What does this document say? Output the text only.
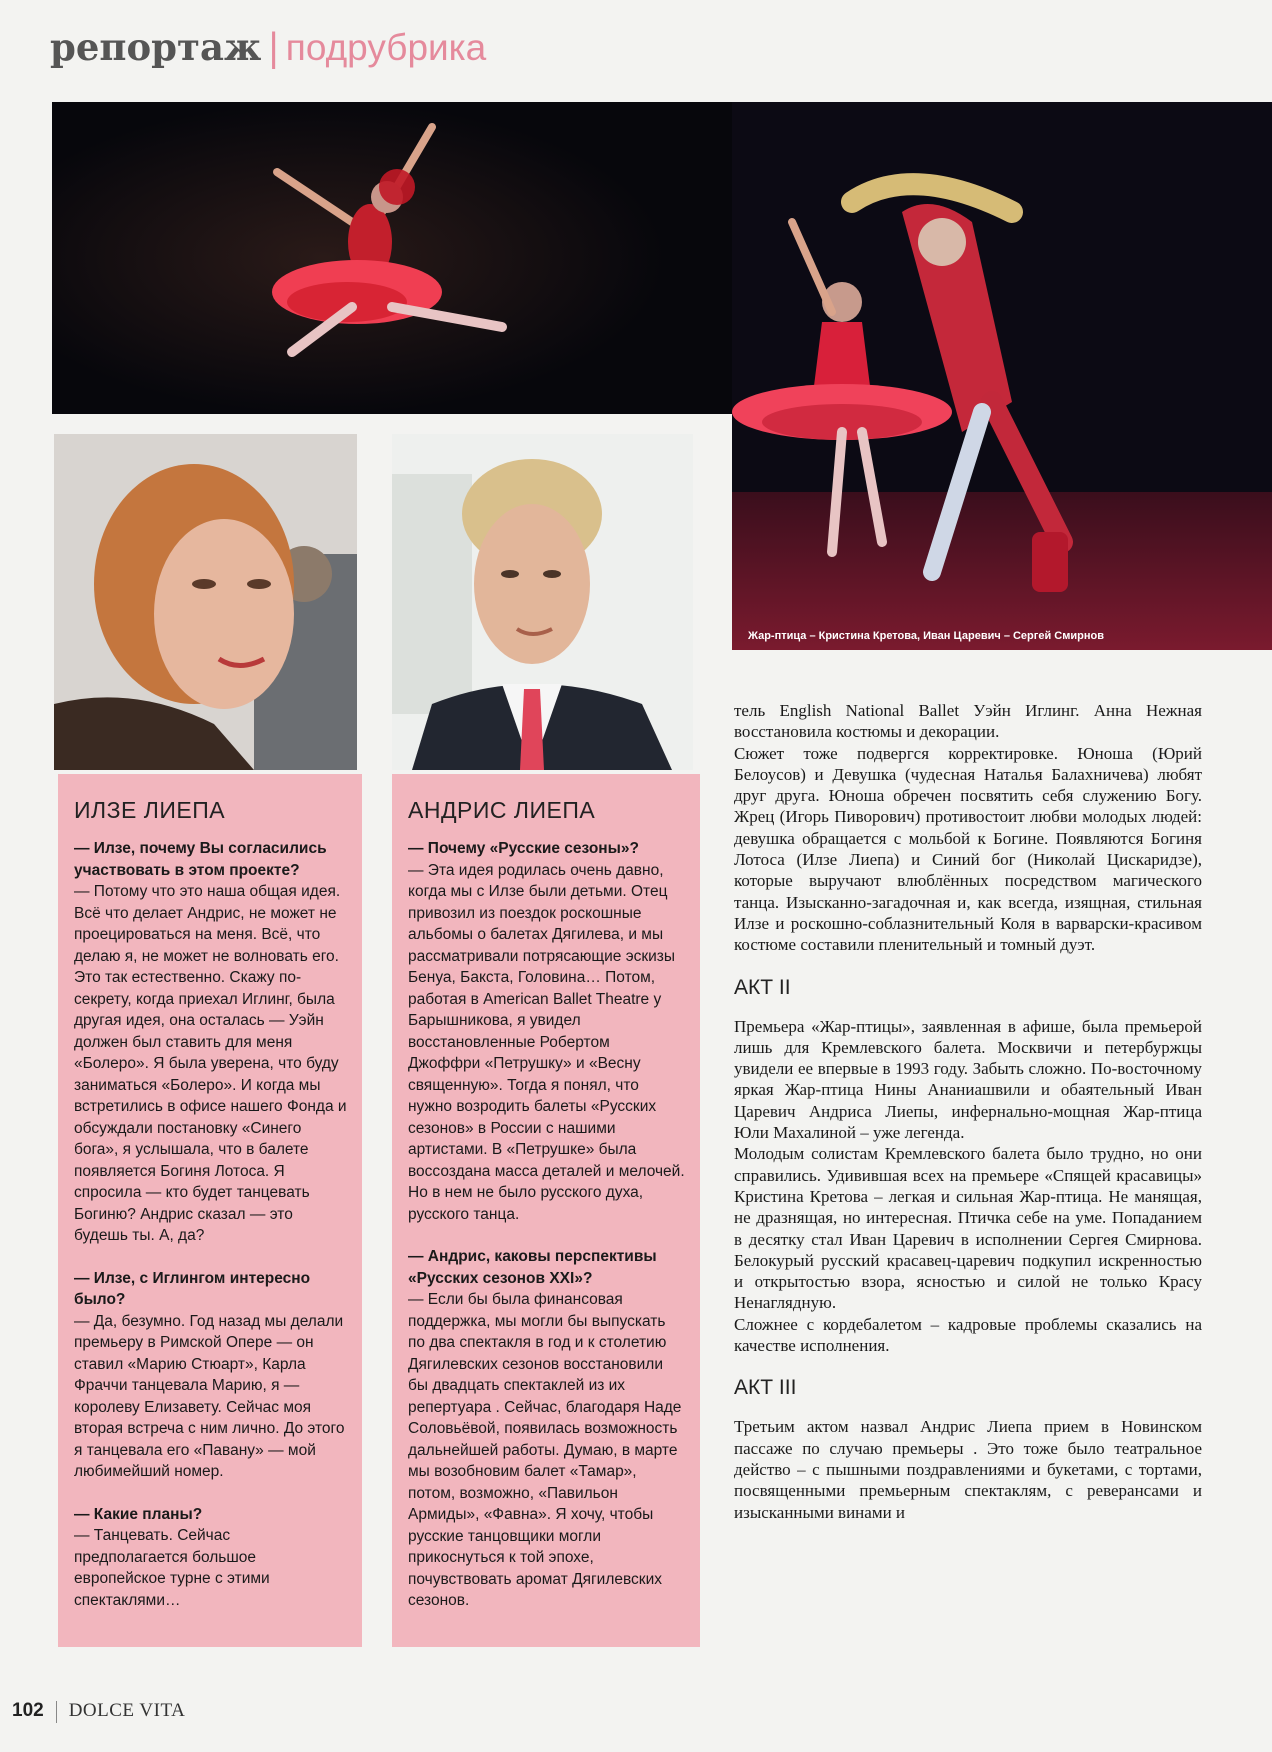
репортаж | подрубрика
Жар-птица – Кристина Кретова, Иван Царевич – Сергей Смирнов
ИЛЗЕ ЛИЕПА

— Илзе, почему Вы согласились участвовать в этом проекте?

— Потому что это наша общая идея. Всё что делает Андрис, не может не проецироваться на меня. Всё, что делаю я, не может не волновать его. Это так естественно. Скажу по-секрету, когда приехал Иглинг, была другая идея, она осталась — Уэйн должен был ставить для меня «Болеро». Я была уверена, что буду заниматься «Болеро». И когда мы встретились в офисе нашего Фонда и обсуждали постановку «Синего бога», я услышала, что в балете появляется Богиня Лотоса. Я спросила — кто будет танцевать Богиню? Андрис сказал — это будешь ты. А, да?

— Илзе, с Иглингом интересно было?

— Да, безумно. Год назад мы делали премьеру в Римской Опере — он ставил «Марию Стюарт», Карла Фраччи танцевала Марию, я — королеву Елизавету. Сейчас моя вторая встреча с ним лично. До этого я танцевала его «Павану» — мой любимейший номер.

— Какие планы?

— Танцевать. Сейчас предполагается большое европейское турне с этими спектаклями…

АНДРИС ЛИЕПА

— Почему «Русские сезоны»?

— Эта идея родилась очень давно, когда мы с Илзе были детьми. Отец привозил из поездок роскошные альбомы о балетах Дягилева, и мы рассматривали потрясающие эскизы Бенуа, Бакста, Головина… Потом, работая в American Ballet Theatre у Барышникова, я увидел восстановленные Робертом Джоффри «Петрушку» и «Весну священную». Тогда я понял, что нужно возродить балеты «Русских сезонов» в России с нашими артистами. В «Петрушке» была воссоздана масса деталей и мелочей. Но в нем не было русского духа, русского танца.

— Андрис, каковы перспективы «Русских сезонов XXI»?

— Если бы была финансовая поддержка, мы могли бы выпускать по два спектакля в год и к столетию Дягилевских сезонов восстановили бы двадцать спектаклей из их репертуара . Сейчас, благодаря Наде Соловьёвой, появилась возможность дальнейшей работы. Думаю, в марте мы возобновим балет «Тамар», потом, возможно, «Павильон Армиды», «Фавна». Я хочу, чтобы русские танцовщики могли прикоснуться к той эпохе, почувствовать аромат Дягилевских сезонов.

тель English National Ballet Уэйн Иглинг. Анна Нежная восстановила костюмы и декорации.

Сюжет тоже подвергся корректировке. Юноша (Юрий Белоусов) и Девушка (чудесная Наталья Балахничева) любят друг друга. Юноша обречен посвятить себя служению Богу. Жрец (Игорь Пиворович) противостоит любви молодых людей: девушка обращается с мольбой к Богине. Появляются Богиня Лотоса (Илзе Лиепа) и Синий бог (Николай Цискаридзе), которые выручают влюблённых посредством магического танца. Изысканно-загадочная и, как всегда, изящная, стильная Илзе и роскошно-соблазнительный Коля в варварски-красивом костюме составили пленительный и томный дуэт.

АКТ II

Премьера «Жар-птицы», заявленная в афише, была премьерой лишь для Кремлевского балета. Москвичи и петербуржцы увидели ее впервые в 1993 году. Забыть сложно. По-восточному яркая Жар-птица Нины Ананиашвили и обаятельный Иван Царевич Андриса Лиепы, инфернально-мощная Жар-птица Юли Махалиной – уже легенда.

Молодым солистам Кремлевского балета было трудно, но они справились. Удивившая всех на премьере «Спящей красавицы» Кристина Кретова – легкая и сильная Жар-птица. Не манящая, не дразнящая, но интересная. Птичка себе на уме. Попаданием в десятку стал Иван Царевич в исполнении Сергея Смирнова. Белокурый русский красавец-царевич подкупил искренностью и открытостью взора, ясностью и силой не только Красу Ненаглядную.

Сложнее с кордебалетом – кадровые проблемы сказались на качестве исполнения.

АКТ III

Третьим актом назвал Андрис Лиепа прием в Новинском пассаже по случаю премьеры . Это тоже было театральное действо – с пышными поздравлениями и букетами, с тортами, посвященными премьерным спектаклям, с реверансами и изысканными винами и

102 DOLCE VITA
